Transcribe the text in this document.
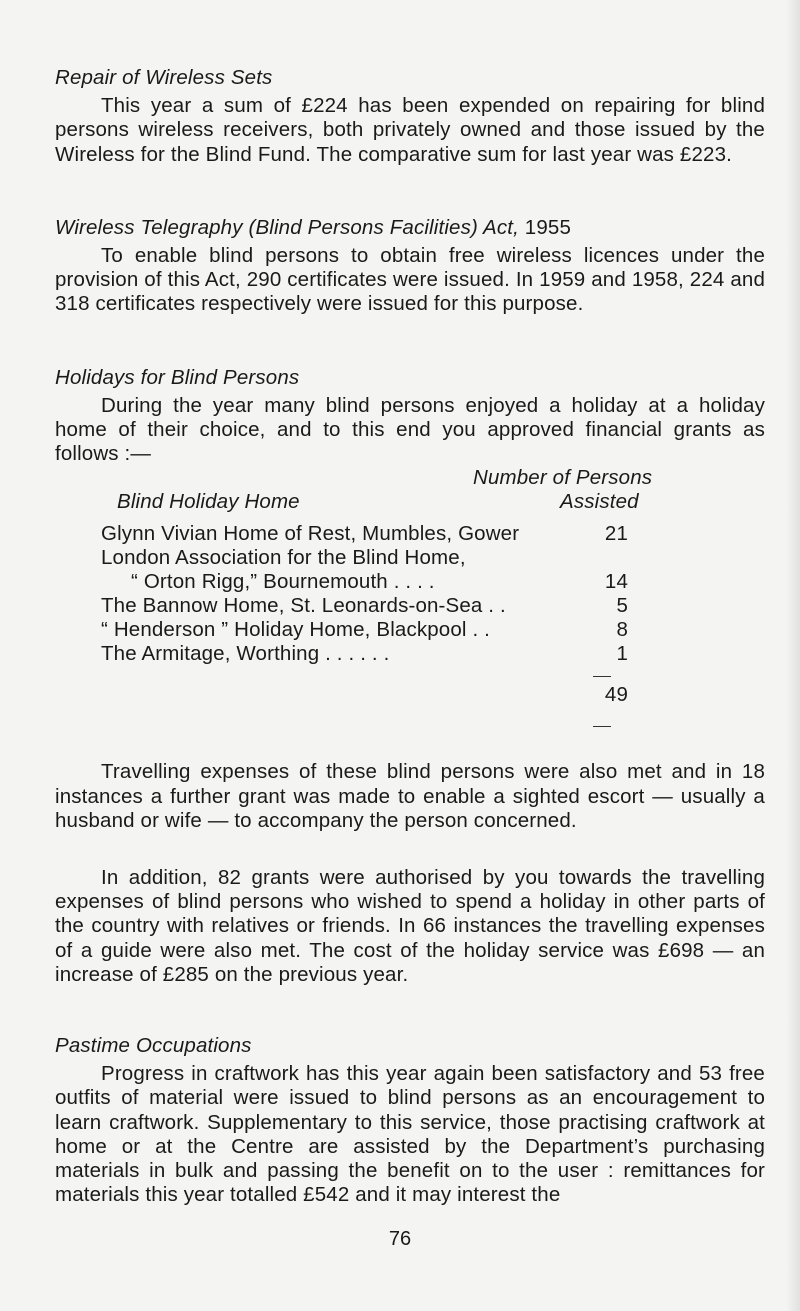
Repair of Wireless Sets

This year a sum of £224 has been expended on repairing for blind persons wireless receivers, both privately owned and those issued by the Wireless for the Blind Fund. The comparative sum for last year was £223.

Wireless Telegraphy (Blind Persons Facilities) Act, 1955

To enable blind persons to obtain free wireless licences under the provision of this Act, 290 certificates were issued. In 1959 and 1958, 224 and 318 certificates respectively were issued for this purpose.

Holidays for Blind Persons

During the year many blind persons enjoyed a holiday at a holiday home of their choice, and to this end you approved financial grants as follows :—

Number of Persons
Blind Holiday Home	Assisted
Glynn Vivian Home of Rest, Mumbles, Gower	21
London Association for the Blind Home,
“ Orton Rigg,” Bournemouth . . . .	14
The Bannow Home, St. Leonards-on-Sea . .	5
“ Henderson ” Holiday Home, Blackpool . .	8
The Armitage, Worthing . . . . . .	1
49

Travelling expenses of these blind persons were also met and in 18 instances a further grant was made to enable a sighted escort — usually a husband or wife — to accompany the person concerned.

In addition, 82 grants were authorised by you towards the travelling expenses of blind persons who wished to spend a holiday in other parts of the country with relatives or friends. In 66 instances the travelling expenses of a guide were also met. The cost of the holiday service was £698 — an increase of £285 on the previous year.

Pastime Occupations

Progress in craftwork has this year again been satisfactory and 53 free outfits of material were issued to blind persons as an encouragement to learn craftwork. Supplementary to this service, those practising craftwork at home or at the Centre are assisted by the Department’s purchasing materials in bulk and passing the benefit on to the user : remittances for materials this year totalled £542 and it may interest the

76
